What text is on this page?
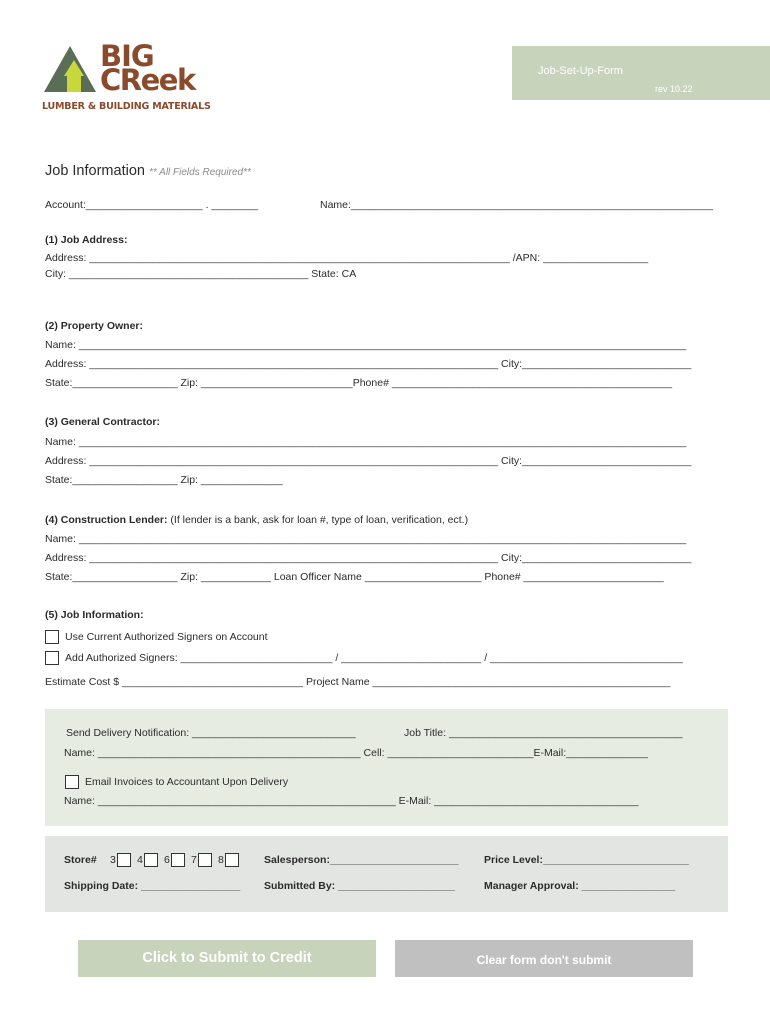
BIG
CReek
LUMBER & BUILDING MATERIALS
Job-Set-Up-Form
rev 10.22
Job Information ** All Fields Required**
Account:____________________ . ________	Name:______________________________________________________________
(1) Job Address:
Address: ________________________________________________________________________ /APN: __________________
City: _________________________________________ State: CA
(2) Property Owner:
Name: ________________________________________________________________________________________________________
Address: ______________________________________________________________________ City:_____________________________
State:__________________ Zip: __________________________Phone# ________________________________________________
(3) General Contractor:
Name: ________________________________________________________________________________________________________
Address: ______________________________________________________________________ City:_____________________________
State:__________________ Zip: ______________
(4) Construction Lender: (If lender is a bank, ask for loan #, type of loan, verification, ect.)
Name: ________________________________________________________________________________________________________
Address: ______________________________________________________________________ City:_____________________________
State:__________________ Zip: ____________ Loan Officer Name ____________________ Phone# ________________________
(5) Job Information:
Use Current Authorized Signers on Account
Add Authorized Signers: __________________________ / ________________________ / _________________________________
Estimate Cost $ _______________________________ Project Name ___________________________________________________
Send Delivery Notification: ____________________________	Job Title: ________________________________________
Name: _____________________________________________ Cell: _________________________E-Mail:______________
Email Invoices to Accountant Upon Delivery
Name: ___________________________________________________ E-Mail: ___________________________________
Store# 3 4 6 7 8	Salesperson:______________________ Price Level:_________________________
Shipping Date: _________________ Submitted By: ____________________	Manager Approval: ________________
Click to Submit to Credit	Clear form don't submit
